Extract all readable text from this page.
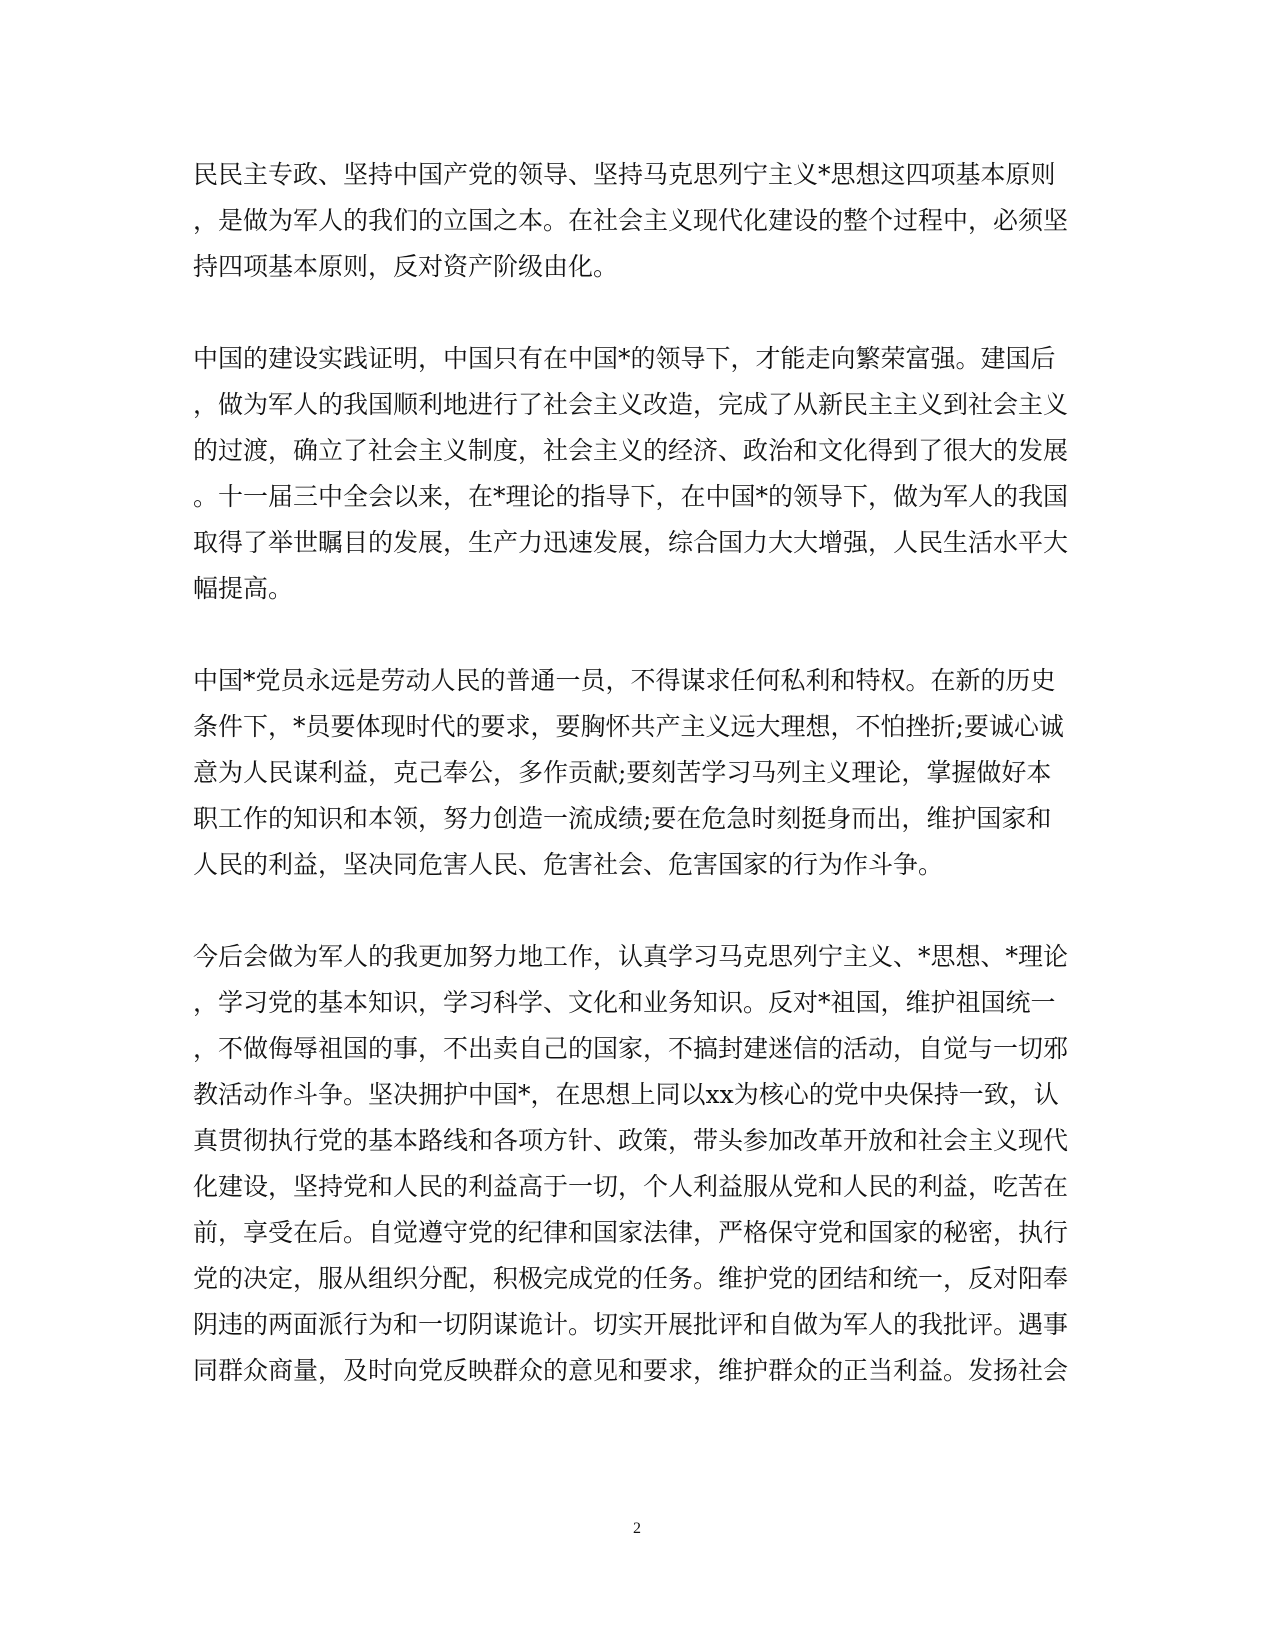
民民主专政、坚持中国产党的领导、坚持马克思列宁主义*思想这四项基本原则
，是做为军人的我们的立国之本。在社会主义现代化建设的整个过程中，必须坚
持四项基本原则，反对资产阶级由化。
中国的建设实践证明，中国只有在中国*的领导下，才能走向繁荣富强。建国后
，做为军人的我国顺利地进行了社会主义改造，完成了从新民主主义到社会主义
的过渡，确立了社会主义制度，社会主义的经济、政治和文化得到了很大的发展
。十一届三中全会以来，在*理论的指导下，在中国*的领导下，做为军人的我国
取得了举世瞩目的发展，生产力迅速发展，综合国力大大增强，人民生活水平大
幅提高。
中国*党员永远是劳动人民的普通一员，不得谋求任何私利和特权。在新的历史
条件下，*员要体现时代的要求，要胸怀共产主义远大理想，不怕挫折;要诚心诚
意为人民谋利益，克己奉公，多作贡献;要刻苦学习马列主义理论，掌握做好本
职工作的知识和本领，努力创造一流成绩;要在危急时刻挺身而出，维护国家和
人民的利益，坚决同危害人民、危害社会、危害国家的行为作斗争。
今后会做为军人的我更加努力地工作，认真学习马克思列宁主义、*思想、*理论
，学习党的基本知识，学习科学、文化和业务知识。反对*祖国，维护祖国统一
，不做侮辱祖国的事，不出卖自己的国家，不搞封建迷信的活动，自觉与一切邪
教活动作斗争。坚决拥护中国*，在思想上同以xx为核心的党中央保持一致，认
真贯彻执行党的基本路线和各项方针、政策，带头参加改革开放和社会主义现代
化建设，坚持党和人民的利益高于一切，个人利益服从党和人民的利益，吃苦在
前，享受在后。自觉遵守党的纪律和国家法律，严格保守党和国家的秘密，执行
党的决定，服从组织分配，积极完成党的任务。维护党的团结和统一，反对阳奉
阴违的两面派行为和一切阴谋诡计。切实开展批评和自做为军人的我批评。遇事
同群众商量，及时向党反映群众的意见和要求，维护群众的正当利益。发扬社会
2
